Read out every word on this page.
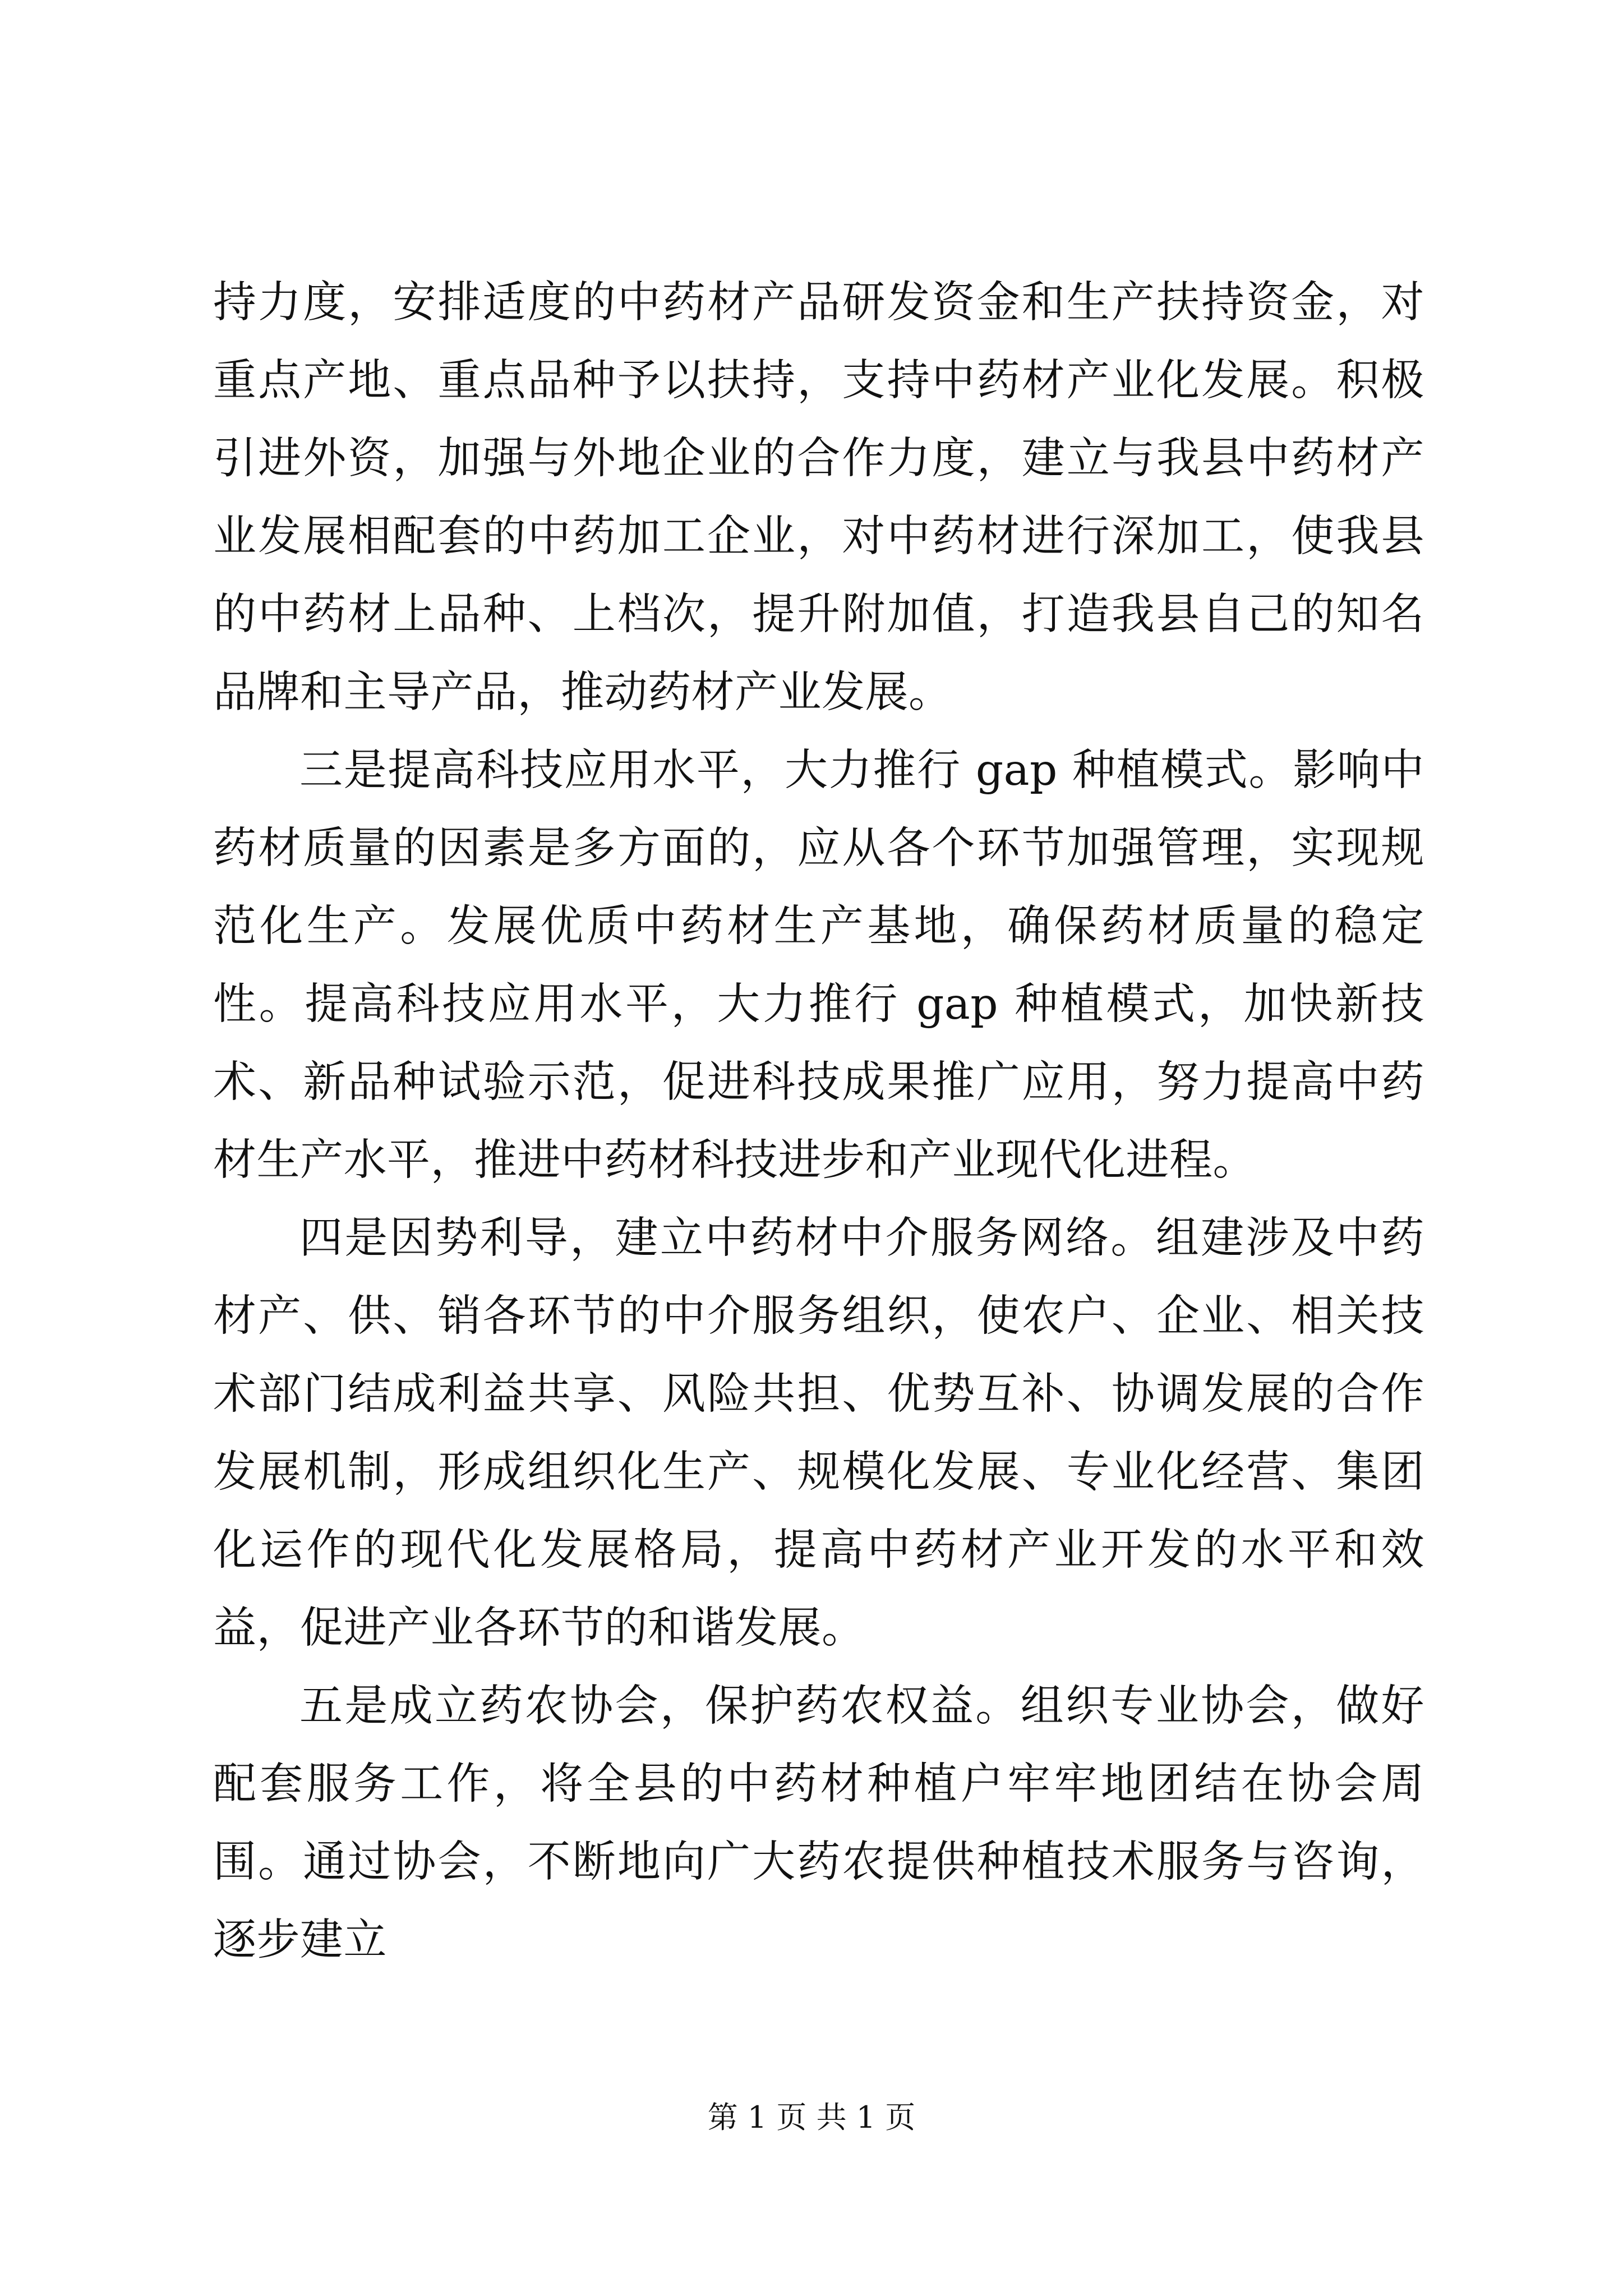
持力度，安排适度的中药材产品研发资金和生产扶持资金，对重点产地、重点品种予以扶持，支持中药材产业化发展。积极引进外资，加强与外地企业的合作力度，建立与我县中药材产业发展相配套的中药加工企业，对中药材进行深加工，使我县的中药材上品种、上档次，提升附加值，打造我县自己的知名品牌和主导产品，推动药材产业发展。

三是提高科技应用水平，大力推行 gap 种植模式。影响中药材质量的因素是多方面的，应从各个环节加强管理，实现规范化生产。发展优质中药材生产基地，确保药材质量的稳定性。提高科技应用水平，大力推行 gap 种植模式，加快新技术、新品种试验示范，促进科技成果推广应用，努力提高中药材生产水平，推进中药材科技进步和产业现代化进程。

四是因势利导，建立中药材中介服务网络。组建涉及中药材产、供、销各环节的中介服务组织，使农户、企业、相关技术部门结成利益共享、风险共担、优势互补、协调发展的合作发展机制，形成组织化生产、规模化发展、专业化经营、集团化运作的现代化发展格局，提高中药材产业开发的水平和效益，促进产业各环节的和谐发展。

五是成立药农协会，保护药农权益。组织专业协会，做好配套服务工作，将全县的中药材种植户牢牢地团结在协会周围。通过协会，不断地向广大药农提供种植技术服务与咨询，逐步建立

第 1 页 共 1 页
